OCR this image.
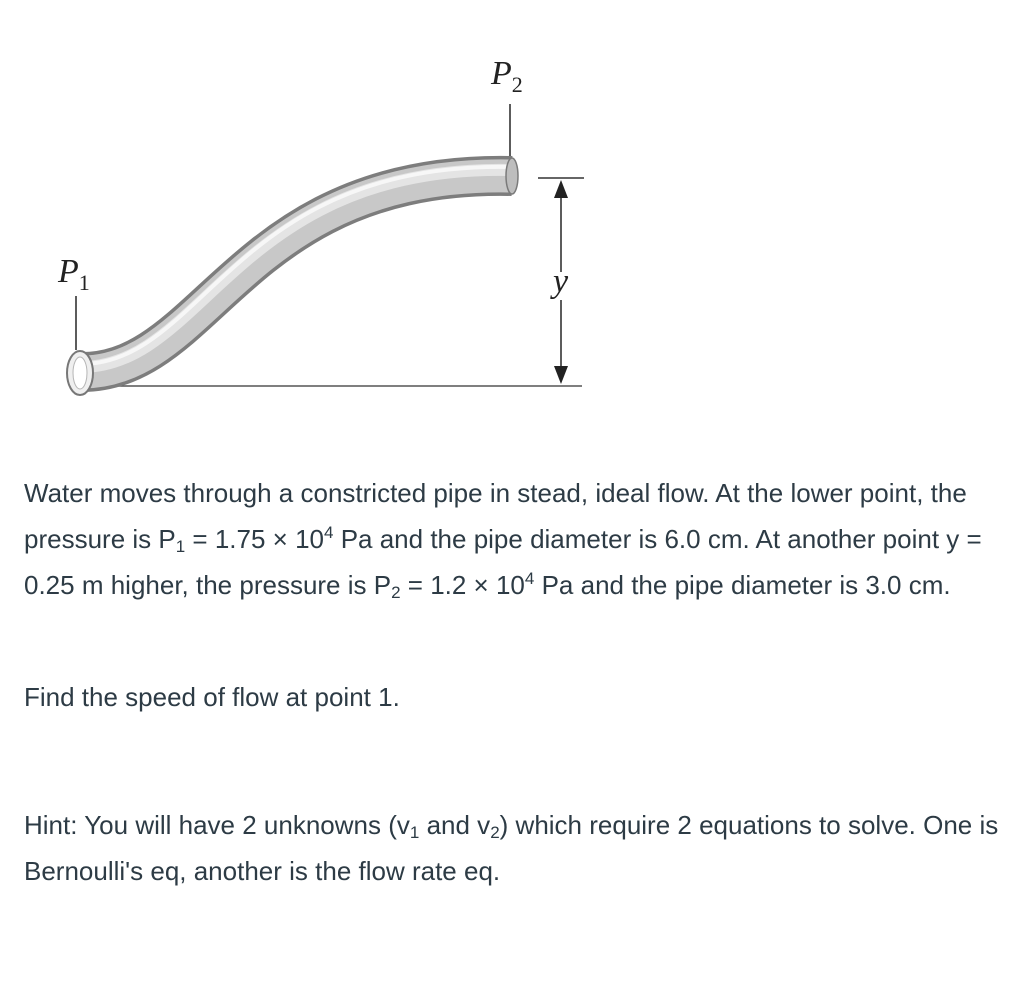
$P_1$
$P_2$
y

Water moves through a constricted pipe in stead, ideal flow. At the lower point, the pressure is $P_1 = 1.75 \times 10^4$ Pa and the pipe diameter is 6.0 cm. At another point y = 0.25 m higher, the pressure is $P_2 = 1.2 \times 10^4$ Pa and the pipe diameter is 3.0 cm.

Find the speed of flow at point 1.

Hint: You will have 2 unknowns ($v_1$ and $v_2$) which require 2 equations to solve. One is Bernoulli's eq, another is the flow rate eq.
